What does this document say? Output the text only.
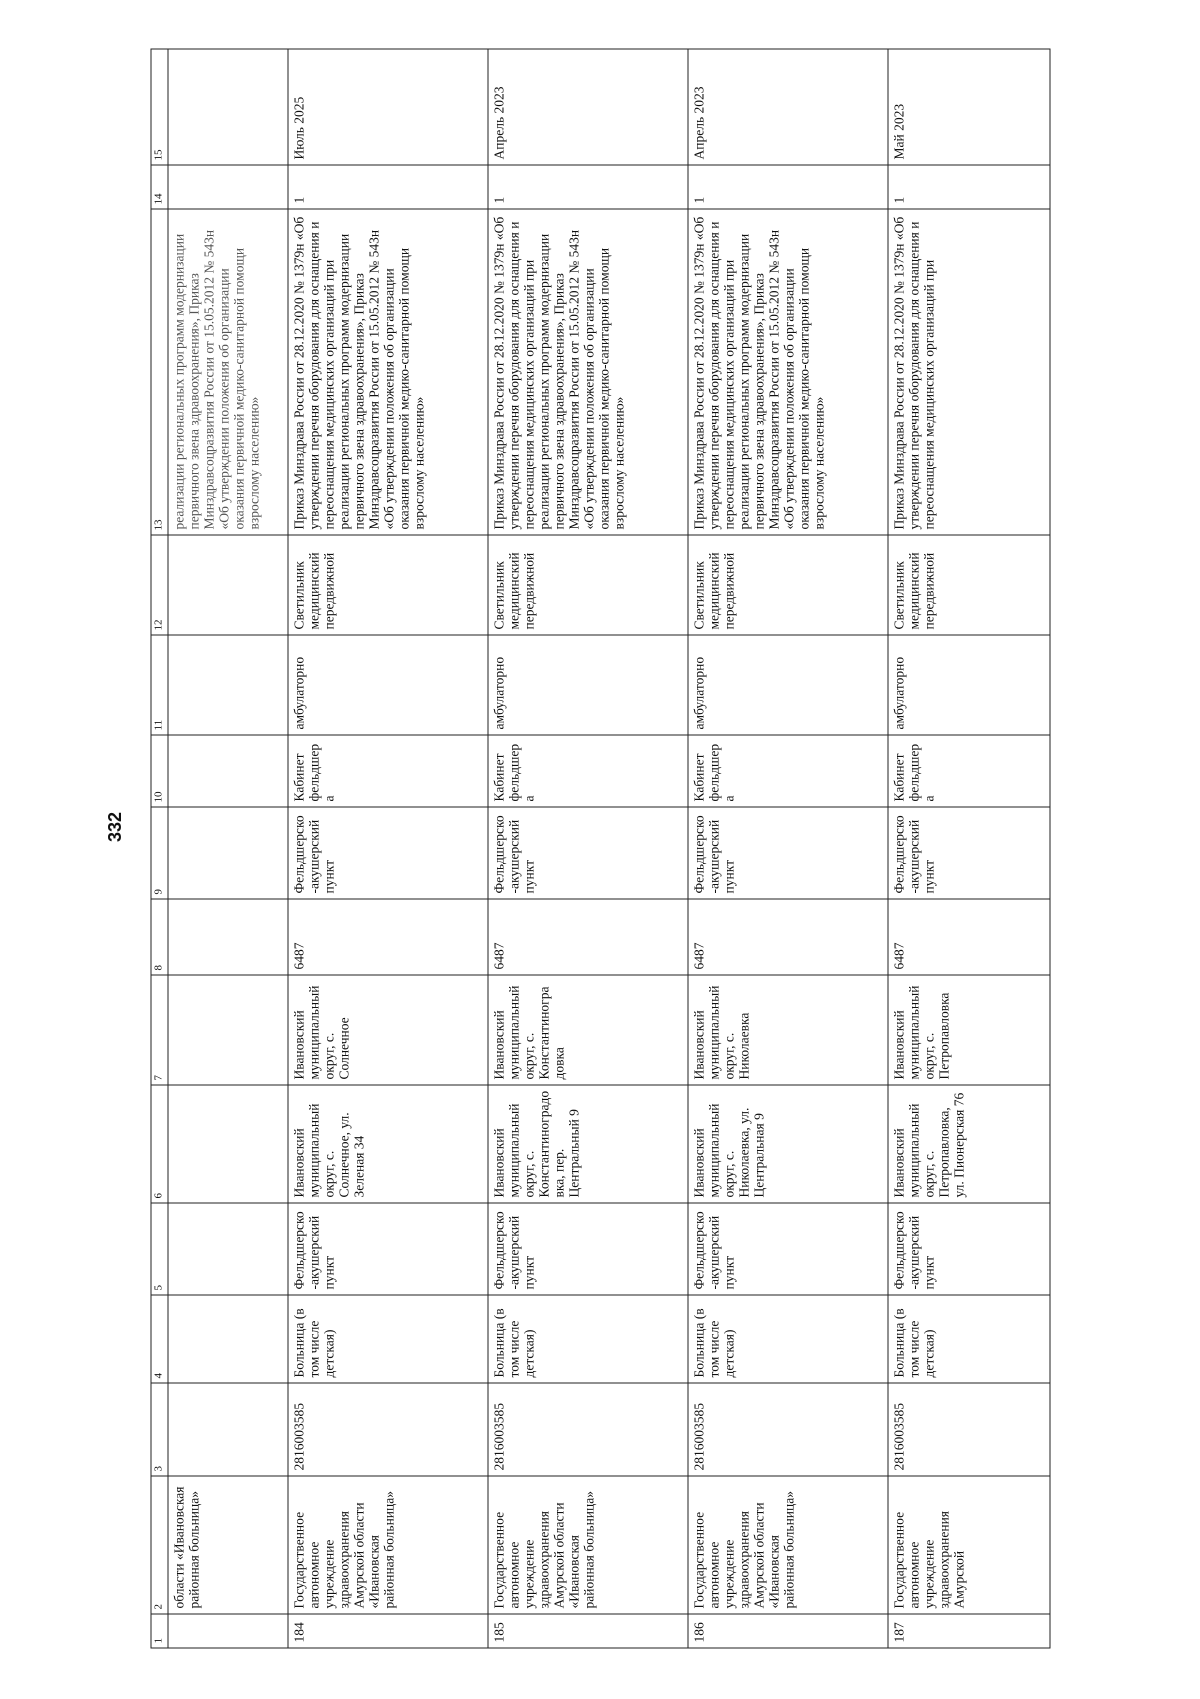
332
1	2	3	4	5	6	7	8	9	10	11	12	13	14	15
	области «Ивановская районная больница»											реализации региональных программ модернизации первичного звена здравоохранения», Приказ Минздравсоцразвития России от 15.05.2012 № 543н «Об утверждении положения об организации оказания первичной медико-санитарной помощи взрослому населению»		
184	Государственное автономное учреждение здравоохранения Амурской области «Ивановская районная больница»	2816003585	Больница (в том числе детская)	Фельдшерско-акушерский пункт	Ивановский муниципальный округ, с. Солнечное, ул. Зеленая 34	Ивановский муниципальный округ, с. Солнечное	6487	Фельдшерско-акушерский пункт	Кабинет фельдшера	амбулаторно	Светильник медицинский передвижной	Приказ Минздрава России от 28.12.2020 № 1379н «Об утверждении перечня оборудования для оснащения и переоснащения медицинских организаций при реализации региональных программ модернизации первичного звена здравоохранения», Приказ Минздравсоцразвития России от 15.05.2012 № 543н «Об утверждении положения об организации оказания первичной медико-санитарной помощи взрослому населению»	1	Июль 2025
185	Государственное автономное учреждение здравоохранения Амурской области «Ивановская районная больница»	2816003585	Больница (в том числе детская)	Фельдшерско-акушерский пункт	Ивановский муниципальный округ, с. Константиноградовка, пер. Центральный 9	Ивановский муниципальный округ, с. Константиноградовка	6487	Фельдшерско-акушерский пункт	Кабинет фельдшера	амбулаторно	Светильник медицинский передвижной	Приказ Минздрава России от 28.12.2020 № 1379н «Об утверждении перечня оборудования для оснащения и переоснащения медицинских организаций при реализации региональных программ модернизации первичного звена здравоохранения», Приказ Минздравсоцразвития России от 15.05.2012 № 543н «Об утверждении положения об организации оказания первичной медико-санитарной помощи взрослому населению»	1	Апрель 2023
186	Государственное автономное учреждение здравоохранения Амурской области «Ивановская районная больница»	2816003585	Больница (в том числе детская)	Фельдшерско-акушерский пункт	Ивановский муниципальный округ, с. Николаевка, ул. Центральная 9	Ивановский муниципальный округ, с. Николаевка	6487	Фельдшерско-акушерский пункт	Кабинет фельдшера	амбулаторно	Светильник медицинский передвижной	Приказ Минздрава России от 28.12.2020 № 1379н «Об утверждении перечня оборудования для оснащения и переоснащения медицинских организаций при реализации региональных программ модернизации первичного звена здравоохранения», Приказ Минздравсоцразвития России от 15.05.2012 № 543н «Об утверждении положения об организации оказания первичной медико-санитарной помощи взрослому населению»	1	Апрель 2023
187	Государственное автономное учреждение здравоохранения Амурской	2816003585	Больница (в том числе детская)	Фельдшерско-акушерский пункт	Ивановский муниципальный округ, с. Петропавловка, ул. Пионерская 76	Ивановский муниципальный округ, с. Петропавловка	6487	Фельдшерско-акушерский пункт	Кабинет фельдшера	амбулаторно	Светильник медицинский передвижной	Приказ Минздрава России от 28.12.2020 № 1379н «Об утверждении перечня оборудования для оснащения и переоснащения медицинских организаций при	1	Май 2023
